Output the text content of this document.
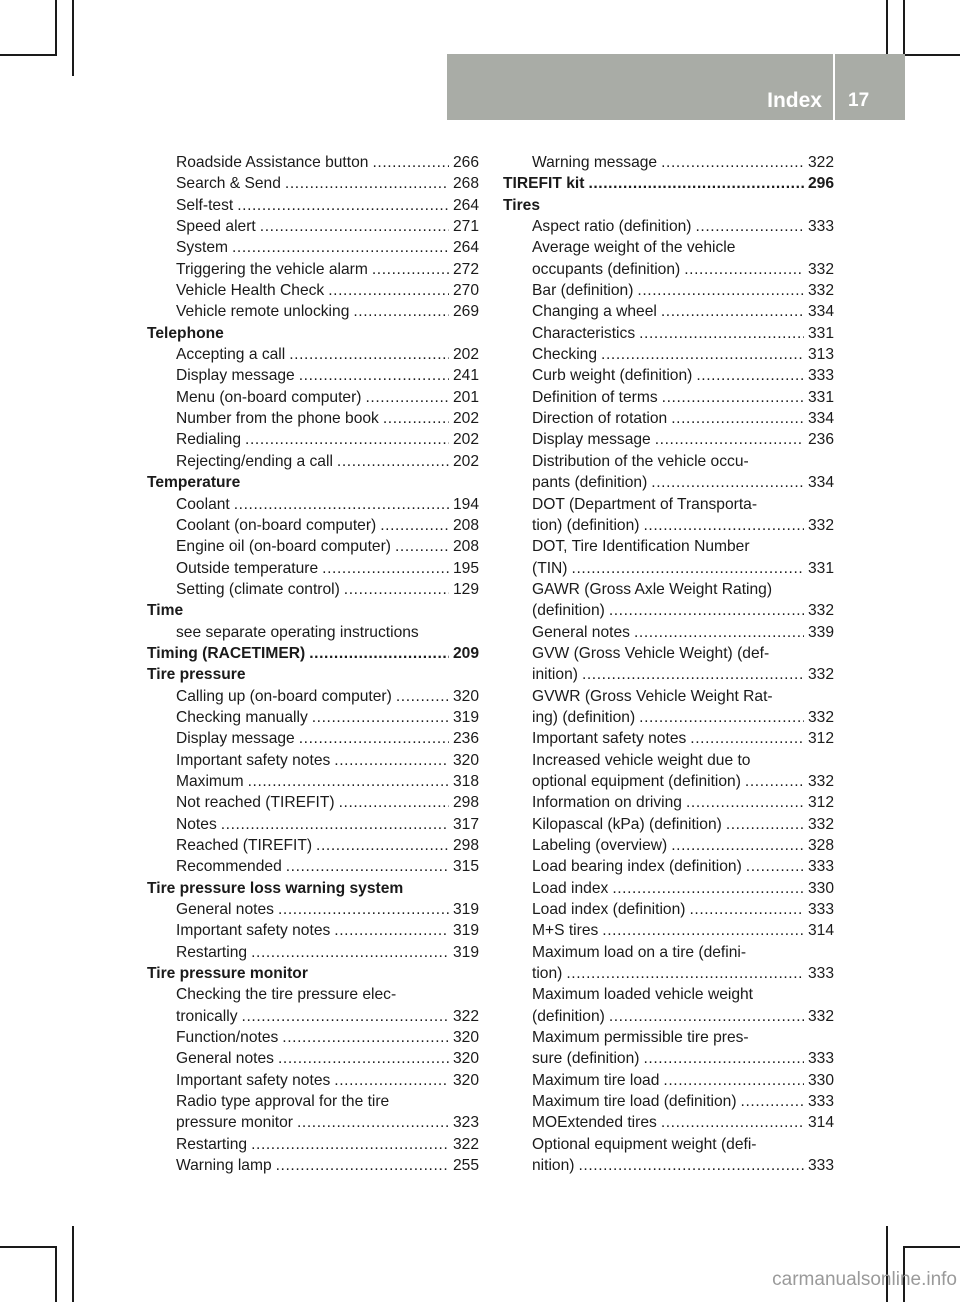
Index 17
Roadside Assistance button .....	266
Search & Send .....	268
Self-test .....	264
Speed alert .....	271
System .....	264
Triggering the vehicle alarm .....	272
Vehicle Health Check .....	270
Vehicle remote unlocking .....	269
Telephone
Accepting a call .....	202
Display message .....	241
Menu (on-board computer) .....	201
Number from the phone book .....	202
Redialing .....	202
Rejecting/ending a call .....	202
Temperature
Coolant .....	194
Coolant (on-board computer) .....	208
Engine oil (on-board computer) .....	208
Outside temperature .....	195
Setting (climate control) .....	129
Time
see separate operating instructions
Timing (RACETIMER) .....	209
Tire pressure
Calling up (on-board computer) .....	320
Checking manually .....	319
Display message .....	236
Important safety notes .....	320
Maximum .....	318
Not reached (TIREFIT) .....	298
Notes .....	317
Reached (TIREFIT) .....	298
Recommended .....	315
Tire pressure loss warning system
General notes .....	319
Important safety notes .....	319
Restarting .....	319
Tire pressure monitor
Checking the tire pressure elec-
tronically .....	322
Function/notes .....	320
General notes .....	320
Important safety notes .....	320
Radio type approval for the tire
pressure monitor .....	323
Restarting .....	322
Warning lamp .....	255
Warning message .....	322
TIREFIT kit .....	296
Tires
Aspect ratio (definition) .....	333
Average weight of the vehicle
occupants (definition) .....	332
Bar (definition) .....	332
Changing a wheel .....	334
Characteristics .....	331
Checking .....	313
Curb weight (definition) .....	333
Definition of terms .....	331
Direction of rotation .....	334
Display message .....	236
Distribution of the vehicle occu-
pants (definition) .....	334
DOT (Department of Transporta-
tion) (definition) .....	332
DOT, Tire Identification Number
(TIN) .....	331
GAWR (Gross Axle Weight Rating)
(definition) .....	332
General notes .....	339
GVW (Gross Vehicle Weight) (def-
inition) .....	332
GVWR (Gross Vehicle Weight Rat-
ing) (definition) .....	332
Important safety notes .....	312
Increased vehicle weight due to
optional equipment (definition) .....	332
Information on driving .....	312
Kilopascal (kPa) (definition) .....	332
Labeling (overview) .....	328
Load bearing index (definition) .....	333
Load index .....	330
Load index (definition) .....	333
M+S tires .....	314
Maximum load on a tire (defini-
tion) .....	333
Maximum loaded vehicle weight
(definition) .....	332
Maximum permissible tire pres-
sure (definition) .....	333
Maximum tire load .....	330
Maximum tire load (definition) .....	333
MOExtended tires .....	314
Optional equipment weight (defi-
nition) .....	333
carmanualsonline.info
